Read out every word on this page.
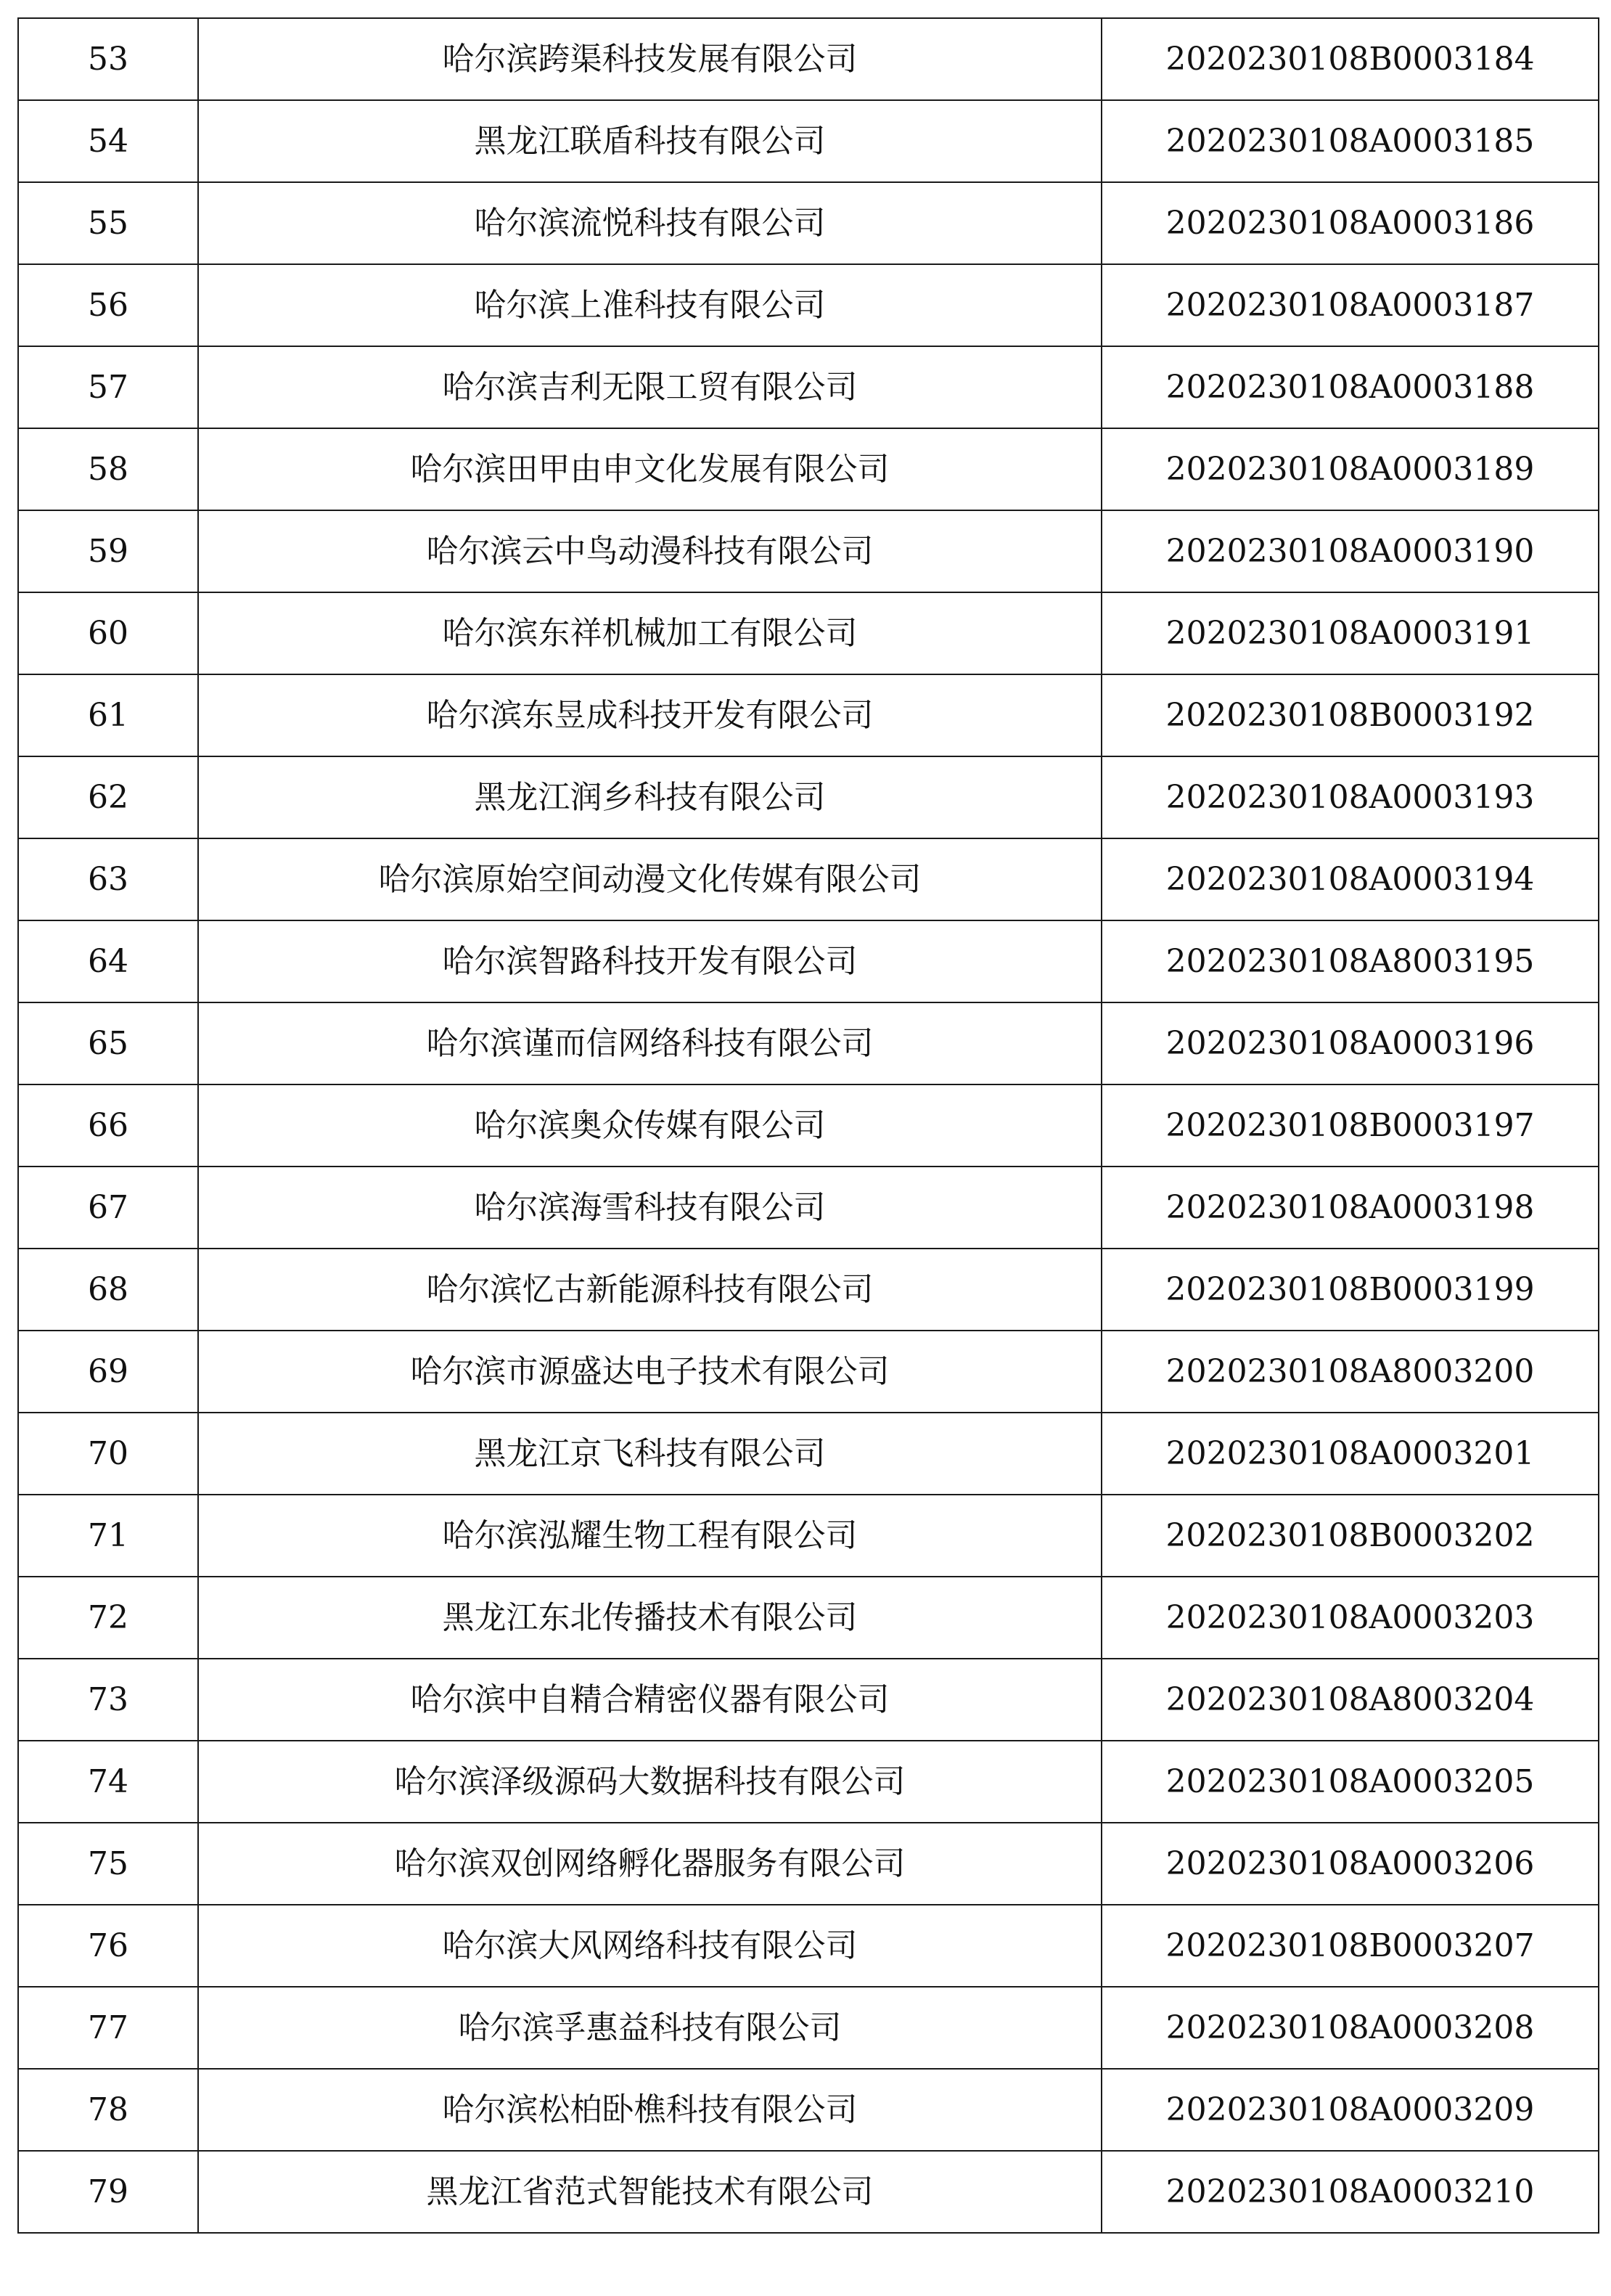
53	哈尔滨跨渠科技发展有限公司	2020230108B0003184
54	黑龙江联盾科技有限公司	2020230108A0003185
55	哈尔滨流悦科技有限公司	2020230108A0003186
56	哈尔滨上准科技有限公司	2020230108A0003187
57	哈尔滨吉利无限工贸有限公司	2020230108A0003188
58	哈尔滨田甲由申文化发展有限公司	2020230108A0003189
59	哈尔滨云中鸟动漫科技有限公司	2020230108A0003190
60	哈尔滨东祥机械加工有限公司	2020230108A0003191
61	哈尔滨东昱成科技开发有限公司	2020230108B0003192
62	黑龙江润乡科技有限公司	2020230108A0003193
63	哈尔滨原始空间动漫文化传媒有限公司	2020230108A0003194
64	哈尔滨智路科技开发有限公司	2020230108A8003195
65	哈尔滨谨而信网络科技有限公司	2020230108A0003196
66	哈尔滨奥众传媒有限公司	2020230108B0003197
67	哈尔滨海雪科技有限公司	2020230108A0003198
68	哈尔滨忆古新能源科技有限公司	2020230108B0003199
69	哈尔滨市源盛达电子技术有限公司	2020230108A8003200
70	黑龙江京飞科技有限公司	2020230108A0003201
71	哈尔滨泓耀生物工程有限公司	2020230108B0003202
72	黑龙江东北传播技术有限公司	2020230108A0003203
73	哈尔滨中自精合精密仪器有限公司	2020230108A8003204
74	哈尔滨泽级源码大数据科技有限公司	2020230108A0003205
75	哈尔滨双创网络孵化器服务有限公司	2020230108A0003206
76	哈尔滨大风网络科技有限公司	2020230108B0003207
77	哈尔滨孚惠益科技有限公司	2020230108A0003208
78	哈尔滨松柏卧樵科技有限公司	2020230108A0003209
79	黑龙江省范式智能技术有限公司	2020230108A0003210
